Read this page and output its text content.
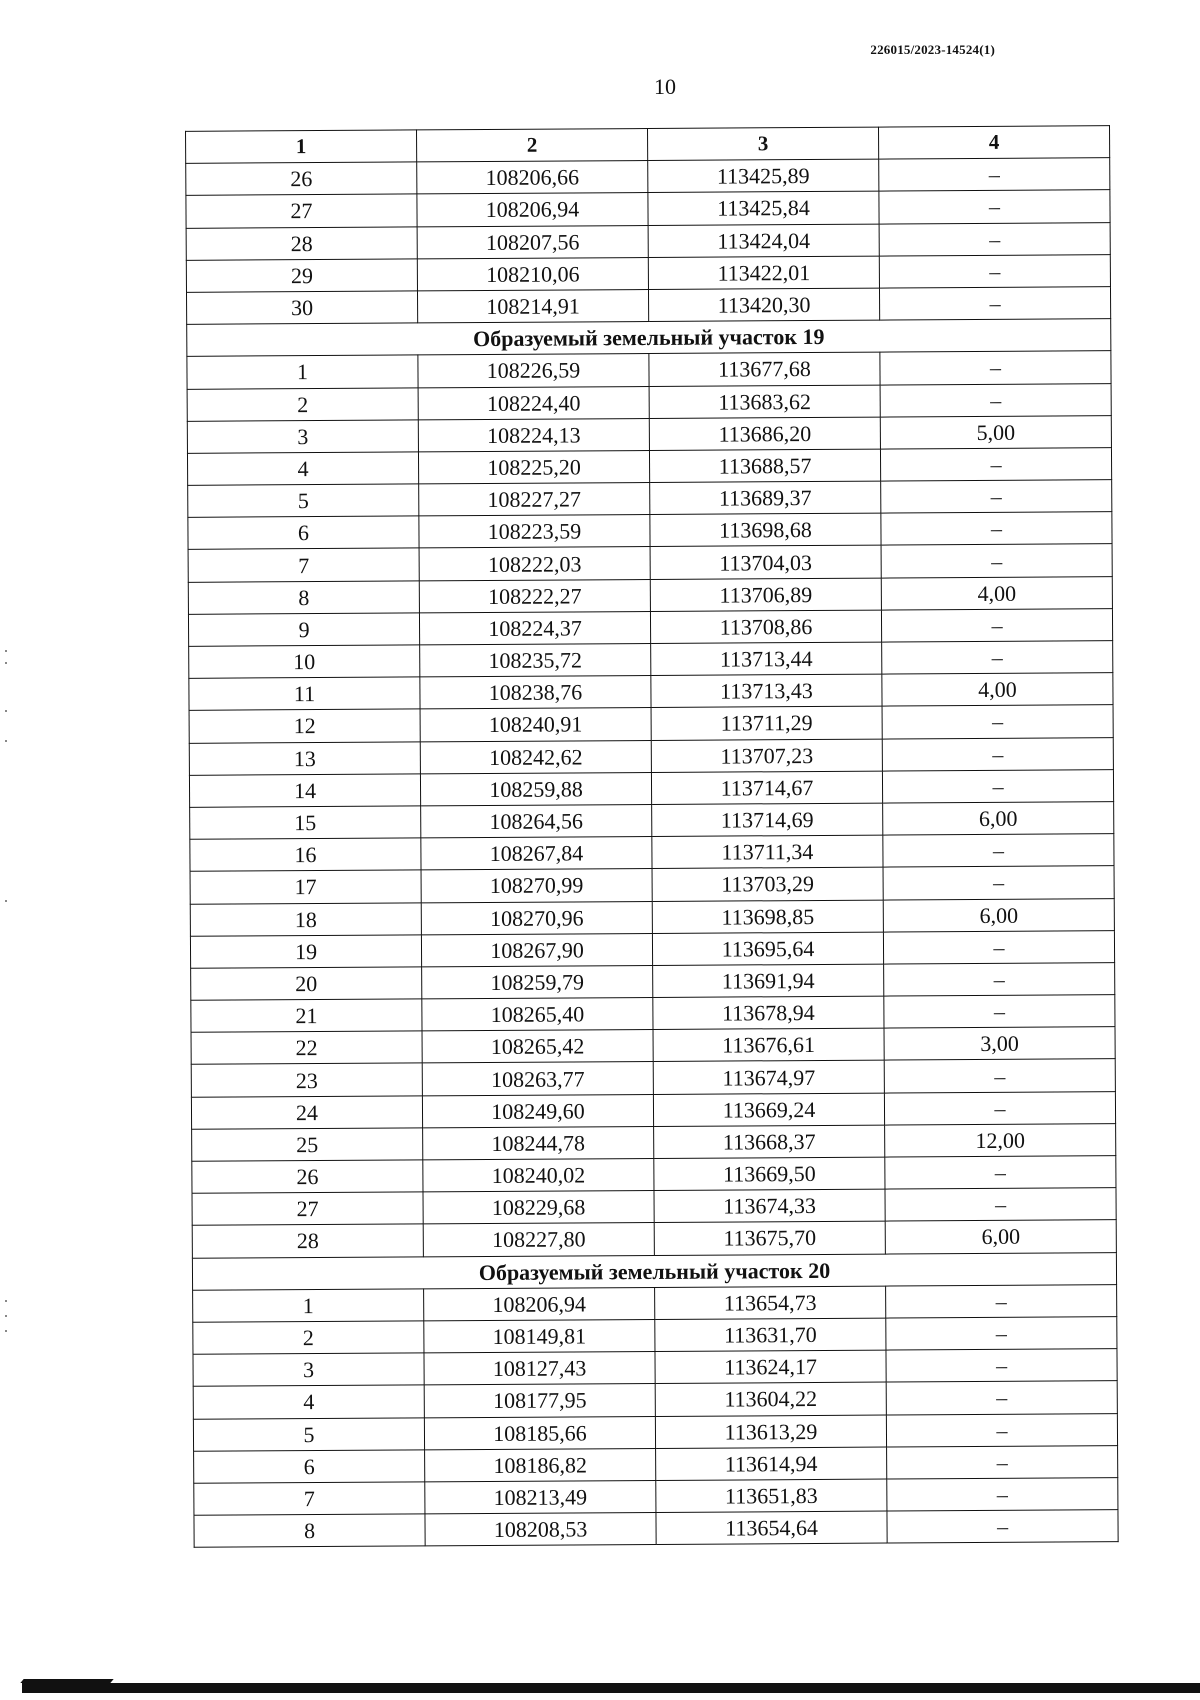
226015/2023-14524(1)
10
1	2	3	4
26	108206,66	113425,89	–
27	108206,94	113425,84	–
28	108207,56	113424,04	–
29	108210,06	113422,01	–
30	108214,91	113420,30	–
Образуемый земельный участок 19			
1	108226,59	113677,68	–
2	108224,40	113683,62	–
3	108224,13	113686,20	5,00
4	108225,20	113688,57	–
5	108227,27	113689,37	–
6	108223,59	113698,68	–
7	108222,03	113704,03	–
8	108222,27	113706,89	4,00
9	108224,37	113708,86	–
10	108235,72	113713,44	–
11	108238,76	113713,43	4,00
12	108240,91	113711,29	–
13	108242,62	113707,23	–
14	108259,88	113714,67	–
15	108264,56	113714,69	6,00
16	108267,84	113711,34	–
17	108270,99	113703,29	–
18	108270,96	113698,85	6,00
19	108267,90	113695,64	–
20	108259,79	113691,94	–
21	108265,40	113678,94	–
22	108265,42	113676,61	3,00
23	108263,77	113674,97	–
24	108249,60	113669,24	–
25	108244,78	113668,37	12,00
26	108240,02	113669,50	–
27	108229,68	113674,33	–
28	108227,80	113675,70	6,00
Образуемый земельный участок 20			
1	108206,94	113654,73	–
2	108149,81	113631,70	–
3	108127,43	113624,17	–
4	108177,95	113604,22	–
5	108185,66	113613,29	–
6	108186,82	113614,94	–
7	108213,49	113651,83	–
8	108208,53	113654,64	–
